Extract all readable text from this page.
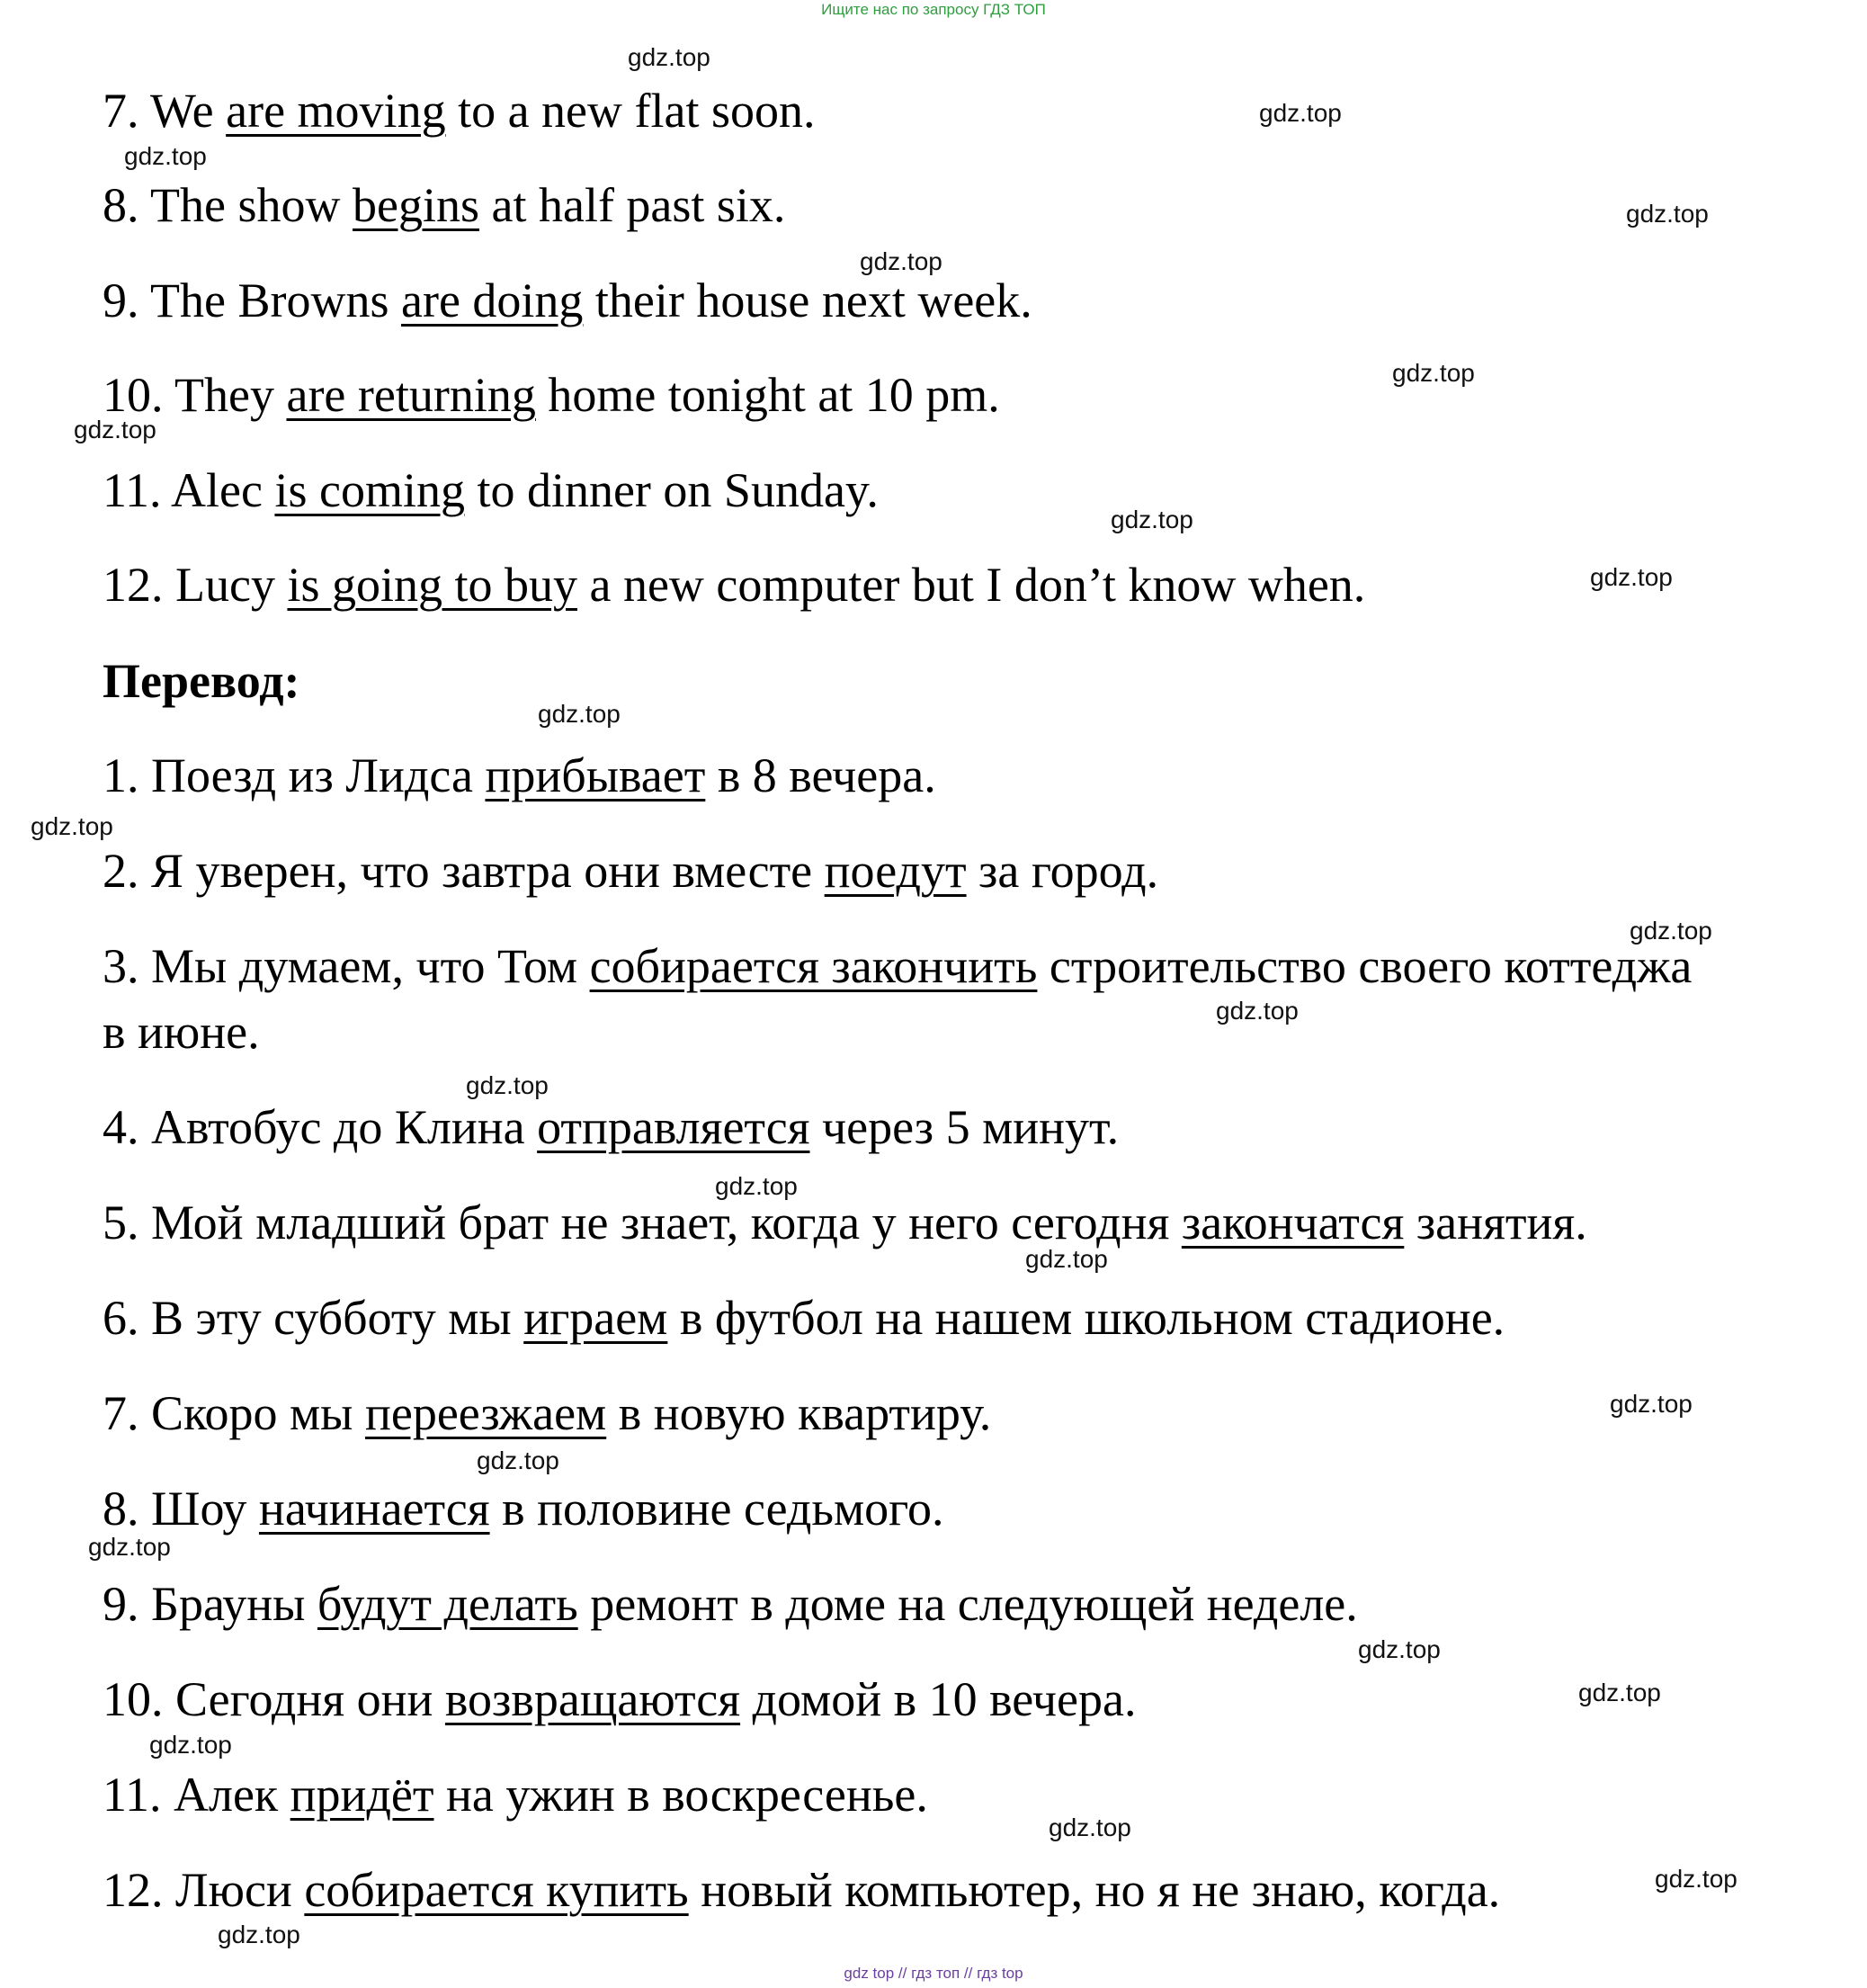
Ищите нас по запросу ГДЗ ТОП
7. We are moving to a new flat soon.
8. The show begins at half past six.
9. The Browns are doing their house next week.
10. They are returning home tonight at 10 pm.
11. Alec is coming to dinner on Sunday.
12. Lucy is going to buy a new computer but I don’t know when.
Перевод:
1. Поезд из Лидса прибывает в 8 вечера.
2. Я уверен, что завтра они вместе поедут за город.
3. Мы думаем, что Том собирается закончить строительство своего коттеджа
в июне.
4. Автобус до Клина отправляется через 5 минут.
5. Мой младший брат не знает, когда у него сегодня закончатся занятия.
6. В эту субботу мы играем в футбол на нашем школьном стадионе.
7. Скоро мы переезжаем в новую квартиру.
8. Шоу начинается в половине седьмого.
9. Брауны будут делать ремонт в доме на следующей неделе.
10. Сегодня они возвращаются домой в 10 вечера.
11. Алек придёт на ужин в воскресенье.
12. Люси собирается купить новый компьютер, но я не знаю, когда.
gdz.top
gdz.top
gdz.top
gdz.top
gdz.top
gdz.top
gdz.top
gdz.top
gdz.top
gdz.top
gdz.top
gdz.top
gdz.top
gdz.top
gdz.top
gdz.top
gdz.top
gdz.top
gdz.top
gdz.top
gdz.top
gdz.top
gdz.top
gdz.top
gdz.top
gdz top // гдз топ // гдз top
